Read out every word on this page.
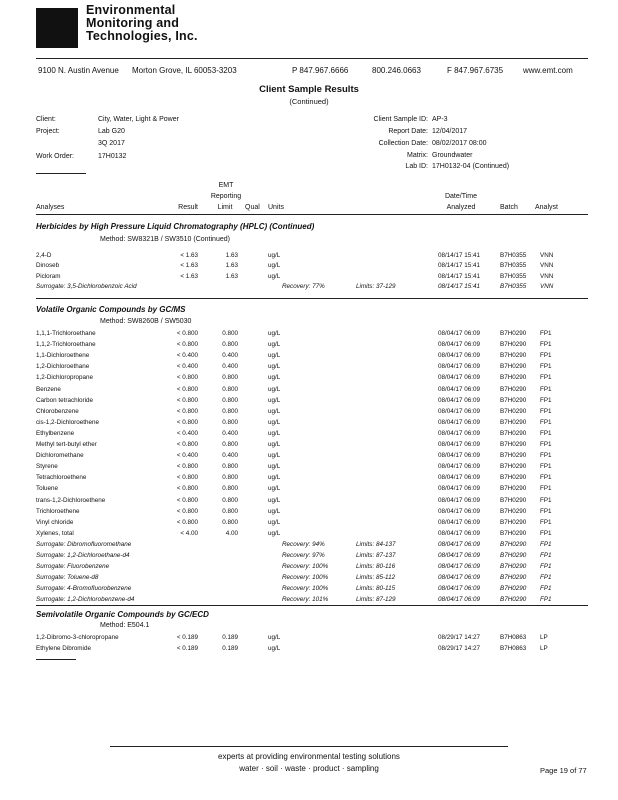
Environmental
Monitoring and
Technologies, Inc.
9100 N. Austin Avenue Morton Grove, IL 60053-3203	P 847.967.6666	800.246.0663	F 847.967.6735 www.emt.com
Client Sample Results
(Continued)
Client:	City, Water, Light & Power
Project:	Lab G20
3Q 2017
Work Order:	17H0132
Client Sample ID: AP-3
Report Date: 12/04/2017
Collection Date: 08/02/2017 08:00
Matrix: Groundwater
Lab ID: 17H0132-04 (Continued)
EMT
Reporting
Analyses	Result	Limit	Qual Units
Date/Time
Analyzed	Batch Analyst
Herbicides by High Pressure Liquid Chromatography (HPLC) (Continued)
Method: SW8321B / SW3510 (Continued)
2,4-D	< 1.63	1.63	ug/L	08/14/17 15:41	B7H0355 VNN
Dinoseb	< 1.63	1.63	ug/L	08/14/17 15:41	B7H0355 VNN
Picloram	< 1.63	1.63	ug/L	08/14/17 15:41	B7H0355 VNN
Surrogate: 3,5-Dichlorobenzoic Acid	Recovery: 77%	Limits: 37-129	08/14/17 15:41	B7H0355 VNN
Volatile Organic Compounds by GC/MS
Method: SW8260B / SW5030
1,1,1-Trichloroethane	< 0.800	0.800	ug/L	08/04/17 06:09	B7H0290 FP1
1,1,2-Trichloroethane	< 0.800	0.800	ug/L	08/04/17 06:09	B7H0290 FP1
1,1-Dichloroethene	< 0.400	0.400	ug/L	08/04/17 06:09	B7H0290 FP1
1,2-Dichloroethane	< 0.400	0.400	ug/L	08/04/17 06:09	B7H0290 FP1
1,2-Dichloropropane	< 0.800	0.800	ug/L	08/04/17 06:09	B7H0290 FP1
Benzene	< 0.800	0.800	ug/L	08/04/17 06:09	B7H0290 FP1
Carbon tetrachloride	< 0.800	0.800	ug/L	08/04/17 06:09	B7H0290 FP1
Chlorobenzene	< 0.800	0.800	ug/L	08/04/17 06:09	B7H0290 FP1
cis-1,2-Dichloroethene	< 0.800	0.800	ug/L	08/04/17 06:09	B7H0290 FP1
Ethylbenzene	< 0.400	0.400	ug/L	08/04/17 06:09	B7H0290 FP1
Methyl tert-butyl ether	< 0.800	0.800	ug/L	08/04/17 06:09	B7H0290 FP1
Dichloromethane	< 0.400	0.400	ug/L	08/04/17 06:09	B7H0290 FP1
Styrene	< 0.800	0.800	ug/L	08/04/17 06:09	B7H0290 FP1
Tetrachloroethene	< 0.800	0.800	ug/L	08/04/17 06:09	B7H0290 FP1
Toluene	< 0.800	0.800	ug/L	08/04/17 06:09	B7H0290 FP1
trans-1,2-Dichloroethene	< 0.800	0.800	ug/L	08/04/17 06:09	B7H0290 FP1
Trichloroethene	< 0.800	0.800	ug/L	08/04/17 06:09	B7H0290 FP1
Vinyl chloride	< 0.800	0.800	ug/L	08/04/17 06:09	B7H0290 FP1
Xylenes, total	< 4.00	4.00	ug/L	08/04/17 06:09	B7H0290 FP1
Surrogate: Dibromofluoromethane	Recovery: 94%	Limits: 84-137	08/04/17 06:09	B7H0290 FP1
Surrogate: 1,2-Dichloroethane-d4	Recovery: 97%	Limits: 87-137	08/04/17 06:09	B7H0290 FP1
Surrogate: Fluorobenzene	Recovery: 100%	Limits: 80-116	08/04/17 06:09	B7H0290 FP1
Surrogate: Toluene-d8	Recovery: 100%	Limits: 85-112	08/04/17 06:09	B7H0290 FP1
Surrogate: 4-Bromofluorobenzene	Recovery: 100%	Limits: 80-115	08/04/17 06:09	B7H0290 FP1
Surrogate: 1,2-Dichlorobenzene-d4	Recovery: 101%	Limits: 87-129	08/04/17 06:09	B7H0290 FP1
Semivolatile Organic Compounds by GC/ECD
Method: E504.1
1,2-Dibromo-3-chloropropane	< 0.189	0.189	ug/L	08/29/17 14:27	B7H0863 LP
Ethylene Dibromide	< 0.189	0.189	ug/L	08/29/17 14:27	B7H0863 LP
experts at providing environmental testing solutions
water · soil · waste · product · sampling	Page 19 of 77
